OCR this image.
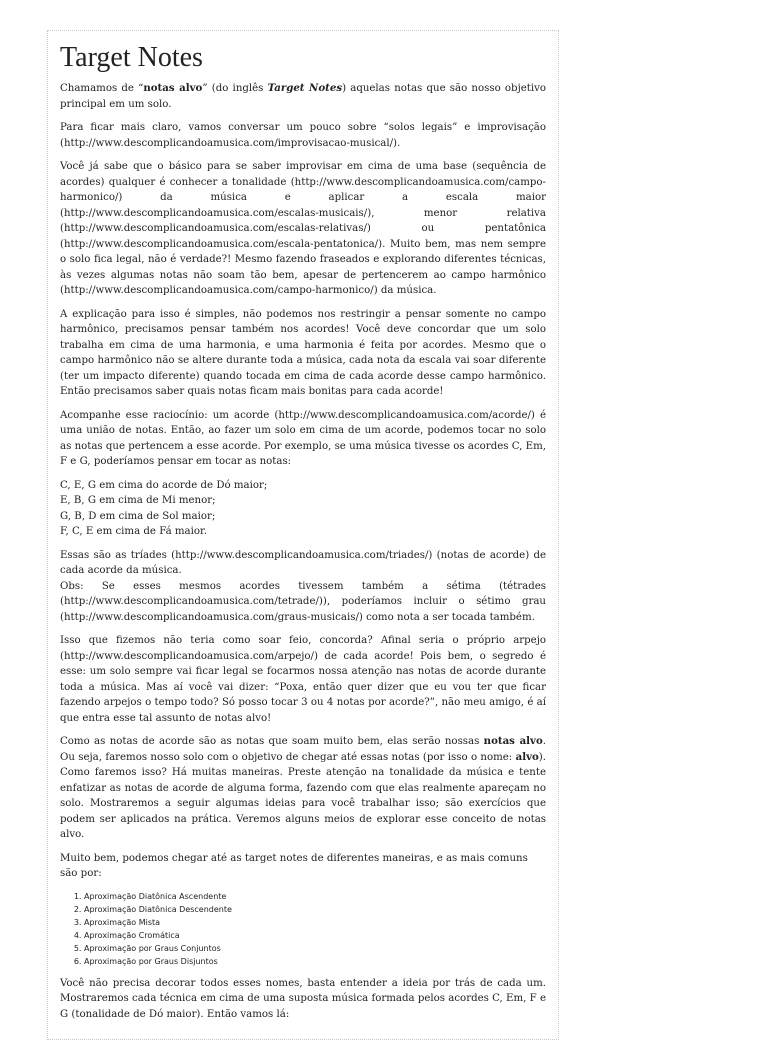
Target Notes

Chamamos de “notas alvo” (do inglês Target Notes) aquelas notas que são nosso objetivo principal em um solo.

Para ficar mais claro, vamos conversar um pouco sobre “solos legais” e improvisação (http://www.descomplicandoamusica.com/improvisacao-musical/).

Você já sabe que o básico para se saber improvisar em cima de uma base (sequência de acordes) qualquer é conhecer a tonalidade (http://www.descomplicandoamusica.com/campo-harmonico/) da música e aplicar a escala maior (http://www.descomplicandoamusica.com/escalas-musicais/), menor relativa (http://www.descomplicandoamusica.com/escalas-relativas/) ou pentatônica (http://www.descomplicandoamusica.com/escala-pentatonica/). Muito bem, mas nem sempre o solo fica legal, não é verdade?! Mesmo fazendo fraseados e explorando diferentes técnicas, às vezes algumas notas não soam tão bem, apesar de pertencerem ao campo harmônico (http://www.descomplicandoamusica.com/campo-harmonico/) da música.

A explicação para isso é simples, não podemos nos restringir a pensar somente no campo harmônico, precisamos pensar também nos acordes! Você deve concordar que um solo trabalha em cima de uma harmonia, e uma harmonia é feita por acordes. Mesmo que o campo harmônico não se altere durante toda a música, cada nota da escala vai soar diferente (ter um impacto diferente) quando tocada em cima de cada acorde desse campo harmônico. Então precisamos saber quais notas ficam mais bonitas para cada acorde!

Acompanhe esse raciocínio: um acorde (http://www.descomplicandoamusica.com/acorde/) é uma união de notas. Então, ao fazer um solo em cima de um acorde, podemos tocar no solo as notas que pertencem a esse acorde. Por exemplo, se uma música tivesse os acordes C, Em, F e G, poderíamos pensar em tocar as notas:

C, E, G em cima do acorde de Dó maior;
E, B, G em cima de Mi menor;
G, B, D em cima de Sol maior;
F, C, E em cima de Fá maior.

Essas são as tríades (http://www.descomplicandoamusica.com/triades/) (notas de acorde) de cada acorde da música.

Obs: Se esses mesmos acordes tivessem também a sétima (tétrades (http://www.descomplicandoamusica.com/tetrade/)), poderíamos incluir o sétimo grau (http://www.descomplicandoamusica.com/graus-musicais/) como nota a ser tocada também.

Isso que fizemos não teria como soar feio, concorda? Afinal seria o próprio arpejo (http://www.descomplicandoamusica.com/arpejo/) de cada acorde! Pois bem, o segredo é esse: um solo sempre vai ficar legal se focarmos nossa atenção nas notas de acorde durante toda a música. Mas aí você vai dizer: “Poxa, então quer dizer que eu vou ter que ficar fazendo arpejos o tempo todo? Só posso tocar 3 ou 4 notas por acorde?”, não meu amigo, é aí que entra esse tal assunto de notas alvo!

Como as notas de acorde são as notas que soam muito bem, elas serão nossas notas alvo. Ou seja, faremos nosso solo com o objetivo de chegar até essas notas (por isso o nome: alvo). Como faremos isso? Há muitas maneiras. Preste atenção na tonalidade da música e tente enfatizar as notas de acorde de alguma forma, fazendo com que elas realmente apareçam no solo. Mostraremos a seguir algumas ideias para você trabalhar isso; são exercícios que podem ser aplicados na prática. Veremos alguns meios de explorar esse conceito de notas alvo.

Muito bem, podemos chegar até as target notes de diferentes maneiras, e as mais comuns são por:

1. Aproximação Diatônica Ascendente
2. Aproximação Diatônica Descendente
3. Aproximação Mista
4. Aproximação Cromática
5. Aproximação por Graus Conjuntos
6. Aproximação por Graus Disjuntos

Você não precisa decorar todos esses nomes, basta entender a ideia por trás de cada um. Mostraremos cada técnica em cima de uma suposta música formada pelos acordes C, Em, F e G (tonalidade de Dó maior). Então vamos lá:
